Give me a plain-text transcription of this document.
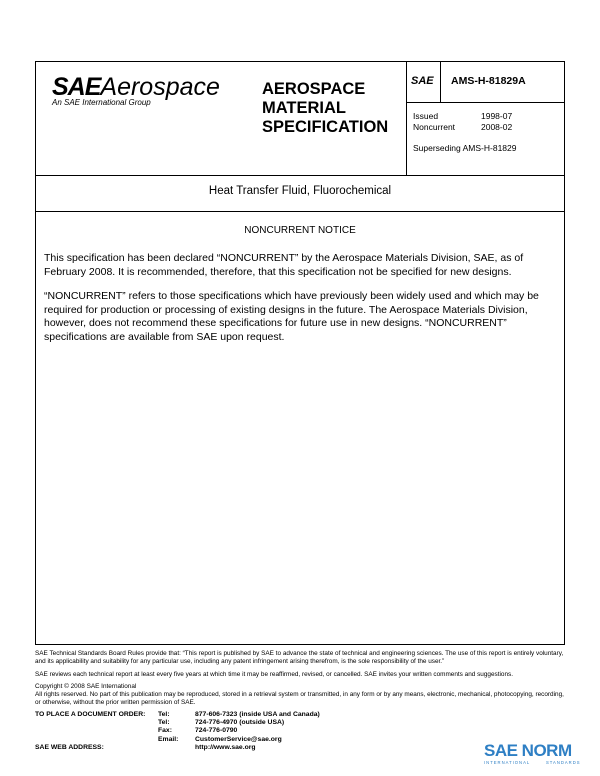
SAEAerospace
An SAE International Group
AEROSPACE
MATERIAL
SPECIFICATION
SAE AMS-H-81829A
Issued	1998-07
Noncurrent	2008-02
Superseding AMS-H-81829
Heat Transfer Fluid, Fluorochemical
NONCURRENT NOTICE
This specification has been declared “NONCURRENT” by the Aerospace Materials Division, SAE, as of February 2008. It is recommended, therefore, that this specification not be specified for new designs.
“NONCURRENT” refers to those specifications which have previously been widely used and which may be required for production or processing of existing designs in the future. The Aerospace Materials Division, however, does not recommend these specifications for future use in new designs. “NONCURRENT” specifications are available from SAE upon request.
SAE Technical Standards Board Rules provide that: “This report is published by SAE to advance the state of technical and engineering sciences. The use of this report is entirely voluntary, and its applicability and suitability for any particular use, including any patent infringement arising therefrom, is the sole responsibility of the user.”
SAE reviews each technical report at least every five years at which time it may be reaffirmed, revised, or cancelled. SAE invites your written comments and suggestions.
Copyright © 2008 SAE International
All rights reserved. No part of this publication may be reproduced, stored in a retrieval system or transmitted, in any form or by any means, electronic, mechanical, photocopying, recording, or otherwise, without the prior written permission of SAE.
TO PLACE A DOCUMENT ORDER: Tel:	877-606-7323 (inside USA and Canada)
Tel:	724-776-4970 (outside USA)
Fax:	724-776-0790
Email: CustomerService@sae.org
SAE WEB ADDRESS:	http://www.sae.org	SAE NORM
INTERNATIONAL	STANDARDS
